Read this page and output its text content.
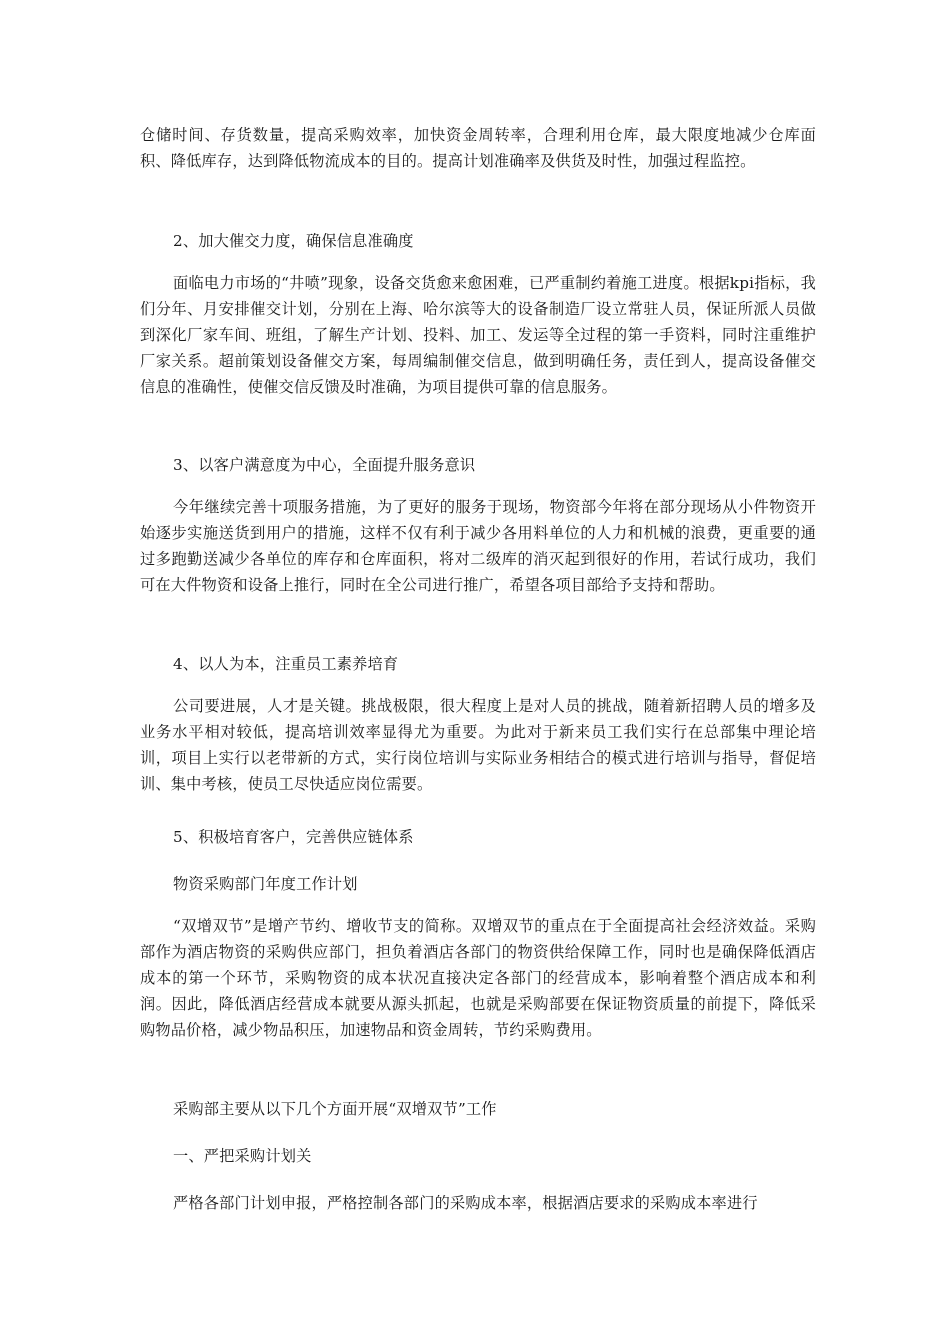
仓储时间、存货数量，提高采购效率，加快资金周转率，合理利用仓库，最大限度地减少仓库面积、降低库存，达到降低物流成本的目的。提高计划准确率及供货及时性，加强过程监控。

2、加大催交力度，确保信息准确度

面临电力市场的“井喷”现象，设备交货愈来愈困难，已严重制约着施工进度。根据kpi指标，我们分年、月安排催交计划，分别在上海、哈尔滨等大的设备制造厂设立常驻人员，保证所派人员做到深化厂家车间、班组，了解生产计划、投料、加工、发运等全过程的第一手资料，同时注重维护厂家关系。超前策划设备催交方案，每周编制催交信息，做到明确任务，责任到人，提高设备催交信息的准确性，使催交信反馈及时准确，为项目提供可靠的信息服务。

3、以客户满意度为中心，全面提升服务意识

今年继续完善十项服务措施，为了更好的服务于现场，物资部今年将在部分现场从小件物资开始逐步实施送货到用户的措施，这样不仅有利于减少各用料单位的人力和机械的浪费，更重要的通过多跑勤送减少各单位的库存和仓库面积，将对二级库的消灭起到很好的作用，若试行成功，我们可在大件物资和设备上推行，同时在全公司进行推广，希望各项目部给予支持和帮助。

4、以人为本，注重员工素养培育

公司要进展，人才是关键。挑战极限，很大程度上是对人员的挑战，随着新招聘人员的增多及业务水平相对较低，提高培训效率显得尤为重要。为此对于新来员工我们实行在总部集中理论培训，项目上实行以老带新的方式，实行岗位培训与实际业务相结合的模式进行培训与指导，督促培训、集中考核，使员工尽快适应岗位需要。

5、积极培育客户，完善供应链体系

物资采购部门年度工作计划

“双增双节”是增产节约、增收节支的简称。双增双节的重点在于全面提高社会经济效益。采购部作为酒店物资的采购供应部门，担负着酒店各部门的物资供给保障工作，同时也是确保降低酒店成本的第一个环节，采购物资的成本状况直接决定各部门的经营成本，影响着整个酒店成本和利润。因此，降低酒店经营成本就要从源头抓起，也就是采购部要在保证物资质量的前提下，降低采购物品价格，减少物品积压，加速物品和资金周转，节约采购费用。

采购部主要从以下几个方面开展“双增双节”工作

一、严把采购计划关

严格各部门计划申报，严格控制各部门的采购成本率，根据酒店要求的采购成本率进行
